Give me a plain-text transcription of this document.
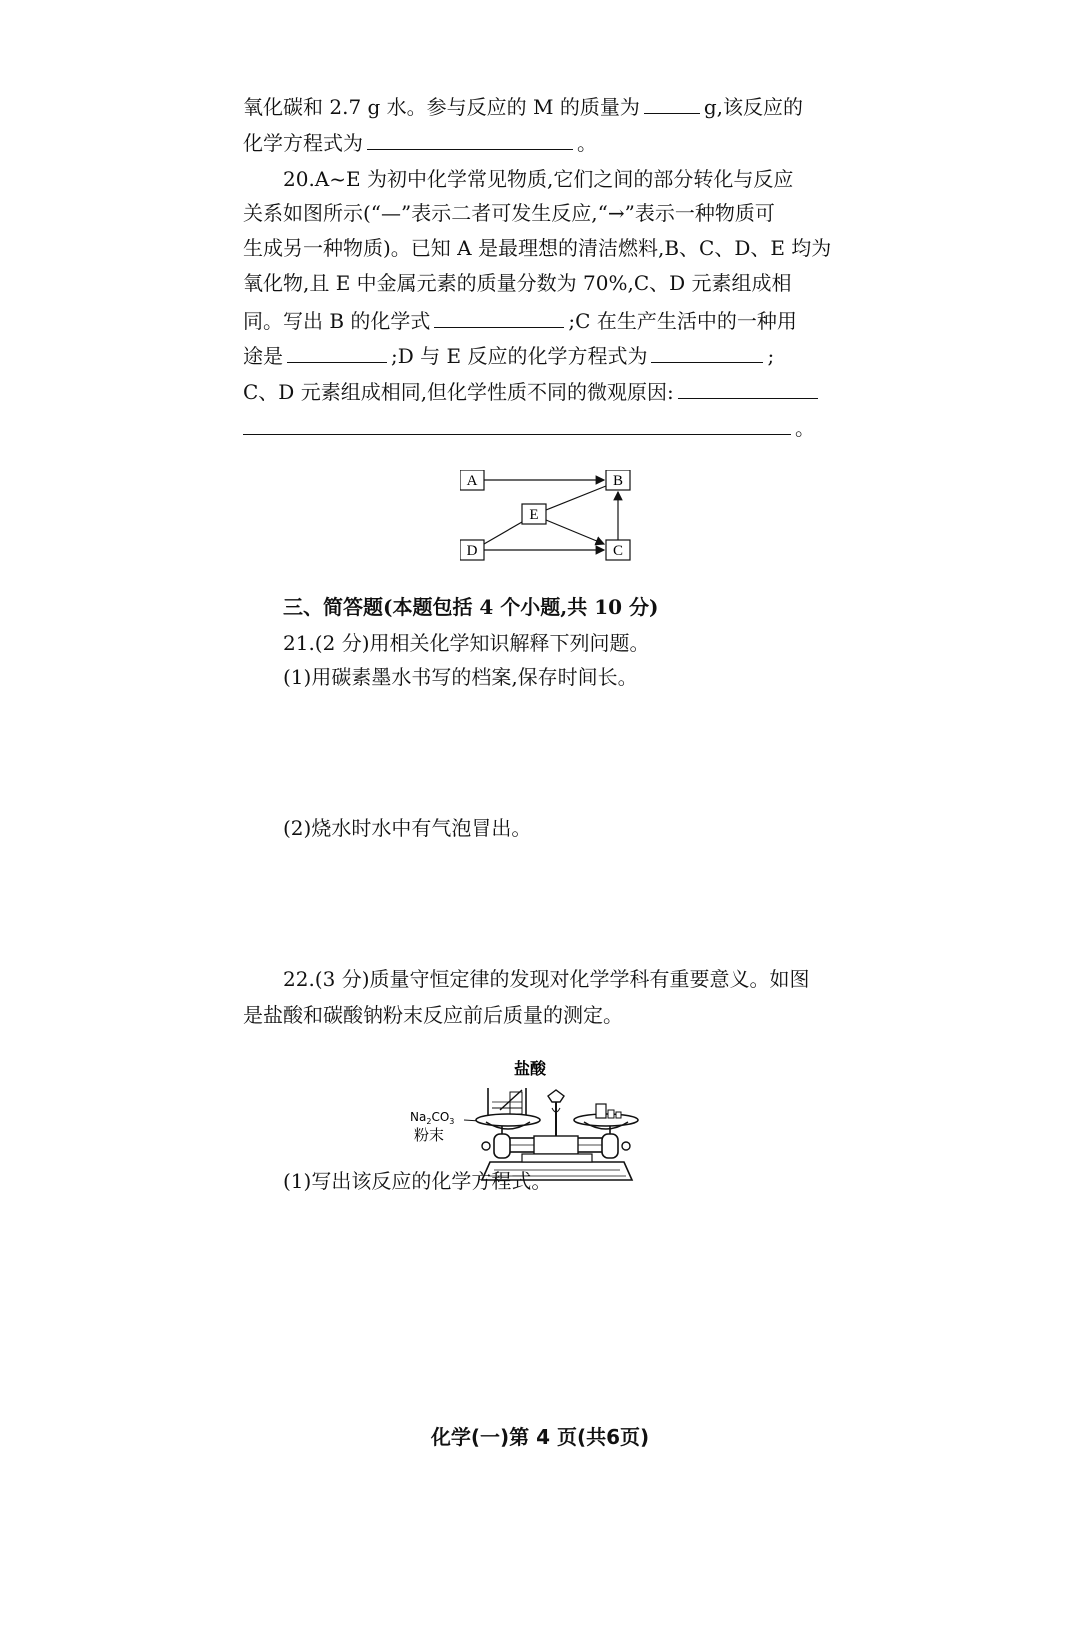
氧化碳和 2.7 g 水。参与反应的 M 的质量为	g,该反应的
化学方程式为	。
20.A~E 为初中化学常见物质,它们之间的部分转化与反应
关系如图所示(“—”表示二者可发生反应,“→”表示一种物质可
生成另一种物质)。已知 A 是最理想的清洁燃料,B、C、D、E 均为
氧化物,且 E 中金属元素的质量分数为 70%,C、D 元素组成相
同。写出 B 的化学式	;C 在生产生活中的一种用
途是	;D 与 E 反应的化学方程式为	;
C、D 元素组成相同,但化学性质不同的微观原因:
。
A	B
E
D	C
三、简答题(本题包括 4 个小题,共 10 分)
21.(2 分)用相关化学知识解释下列问题。
(1)用碳素墨水书写的档案,保存时间长。
(2)烧水时水中有气泡冒出。
22.(3 分)质量守恒定律的发现对化学学科有重要意义。如图
是盐酸和碳酸钠粉末反应前后质量的测定。
盐酸
$Na_2CO_3$
粉末
(1)写出该反应的化学方程式。
化学(一)第 4 页(共6页)
